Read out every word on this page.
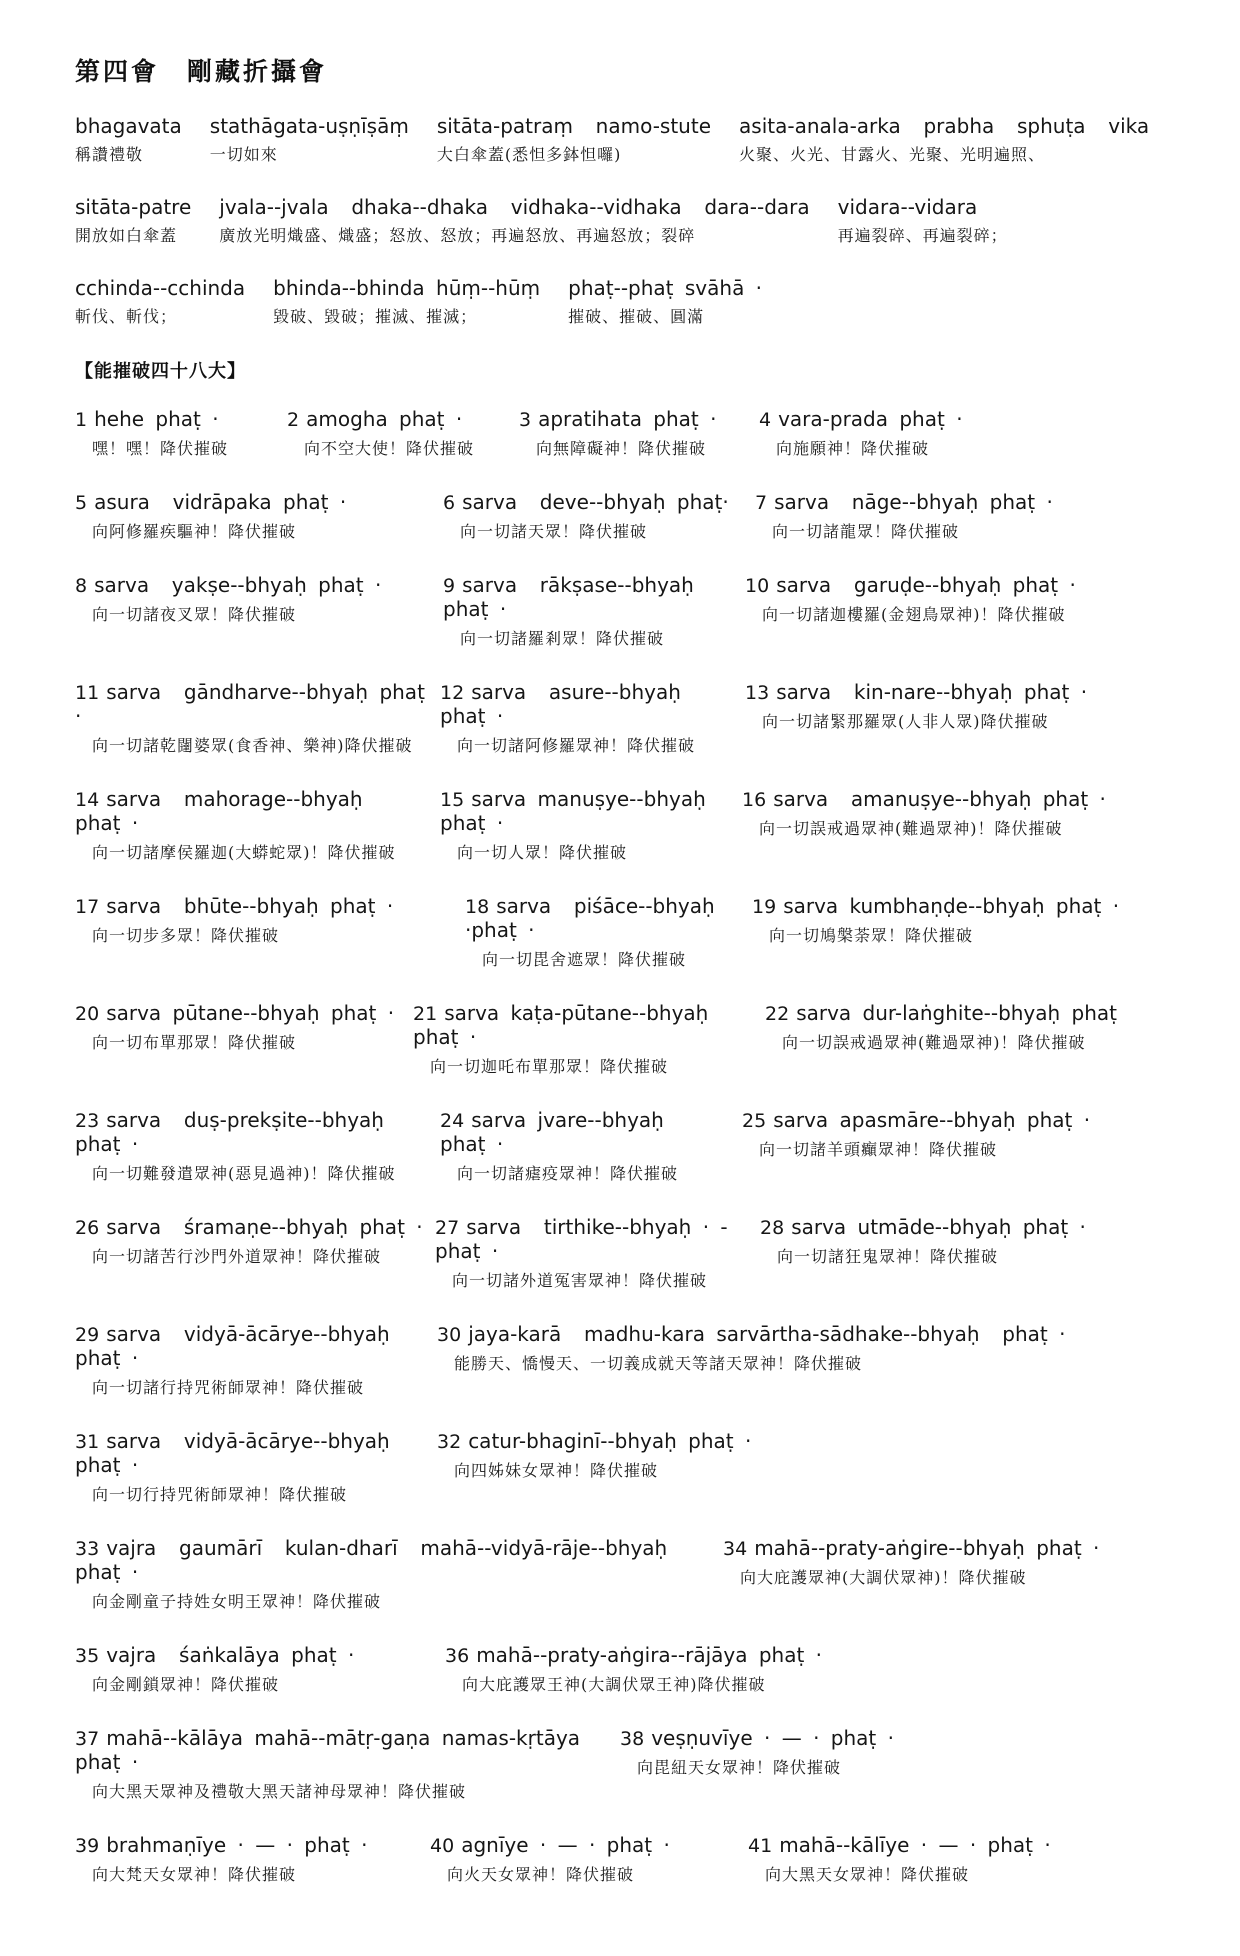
第四會　剛藏折攝會
bhagavata
稱讚禮敬
stathāgata-uṣṇīṣāṃ
一切如來
sitāta-patraṃ  namo-stute
大白傘蓋(悉怛多鉢怛囉)
asita-anala-arka  prabha  sphuṭa  vika
火聚、火光、甘露火、光聚、光明遍照、
sitāta-patre
開放如白傘蓋
jvala--jvala  dhaka--dhaka  vidhaka--vidhaka  dara--dara
廣放光明熾盛、熾盛；怒放、怒放；再遍怒放、再遍怒放；裂碎
vidara--vidara
再遍裂碎、再遍裂碎；
cchinda--cchinda
斬伐、斬伐；
bhinda--bhinda hūṃ--hūṃ
毀破、毀破；摧滅、摧滅；
phaṭ--phaṭ svāhā ·
摧破、摧破、圓滿
【能摧破四十八大】
1 hehe phaṭ ·
嘿！嘿！降伏摧破
2 amogha phaṭ ·
向不空大使！降伏摧破
3 apratihata phaṭ ·
向無障礙神！降伏摧破
4 vara-prada phaṭ ·
向施願神！降伏摧破
5 asura  vidrāpaka phaṭ ·
向阿修羅疾驅神！降伏摧破
6 sarva  deve--bhyaḥ phaṭ·
向一切諸天眾！降伏摧破
7 sarva  nāge--bhyaḥ phaṭ ·
向一切諸龍眾！降伏摧破
8 sarva  yakṣe--bhyaḥ phaṭ ·
向一切諸夜叉眾！降伏摧破
9 sarva  rākṣase--bhyaḥ phaṭ ·
向一切諸羅剎眾！降伏摧破
10 sarva  garuḍe--bhyaḥ phaṭ ·
向一切諸迦樓羅(金翅鳥眾神)！降伏摧破
11 sarva  gāndharve--bhyaḥ phaṭ ·
向一切諸乾闥婆眾(食香神、樂神)降伏摧破
12 sarva  asure--bhyaḥ phaṭ ·
向一切諸阿修羅眾神！降伏摧破
13 sarva  kin-nare--bhyaḥ phaṭ ·
向一切諸緊那羅眾(人非人眾)降伏摧破
14 sarva  mahorage--bhyaḥ  phaṭ ·
向一切諸摩侯羅迦(大蟒蛇眾)！降伏摧破
15 sarva manuṣye--bhyaḥ phaṭ ·
向一切人眾！降伏摧破
16 sarva  amanuṣye--bhyaḥ phaṭ ·
向一切誤戒過眾神(難過眾神)！降伏摧破
17 sarva  bhūte--bhyaḥ phaṭ ·
向一切步多眾！降伏摧破
18 sarva  piśāce--bhyaḥ ·phaṭ ·
向一切毘舍遮眾！降伏摧破
19 sarva kumbhaṇḍe--bhyaḥ phaṭ ·
向一切鳩槃荼眾！降伏摧破
20 sarva pūtane--bhyaḥ phaṭ ·
向一切布單那眾！降伏摧破
21 sarva kaṭa-pūtane--bhyaḥ phaṭ ·
向一切迦吒布單那眾！降伏摧破
22 sarva dur-laṅghite--bhyaḥ phaṭ
向一切誤戒過眾神(難過眾神)！降伏摧破
23 sarva  duṣ-prekṣite--bhyaḥ  phaṭ ·
向一切難發遣眾神(惡見過神)！降伏摧破
24 sarva jvare--bhyaḥ  phaṭ ·
向一切諸瘧疫眾神！降伏摧破
25 sarva apasmāre--bhyaḥ phaṭ ·
向一切諸羊頭癲眾神！降伏摧破
26 sarva  śramaṇe--bhyaḥ phaṭ ·
向一切諸苦行沙門外道眾神！降伏摧破
27 sarva  tirthike--bhyaḥ · -phaṭ ·
向一切諸外道冤害眾神！降伏摧破
28 sarva utmāde--bhyaḥ phaṭ ·
向一切諸狂鬼眾神！降伏摧破
29 sarva  vidyā-ācārye--bhyaḥ phaṭ ·
向一切諸行持咒術師眾神！降伏摧破
30 jaya-karā  madhu-kara sarvārtha-sādhake--bhyaḥ  phaṭ ·
能勝天、憍慢天、一切義成就天等諸天眾神！降伏摧破
31 sarva  vidyā-ācārye--bhyaḥ phaṭ ·
向一切行持咒術師眾神！降伏摧破
32 catur-bhaginī--bhyaḥ phaṭ ·
向四姊妹女眾神！降伏摧破
33 vajra  gaumārī  kulan-dharī  mahā--vidyā-rāje--bhyaḥ phaṭ ·
向金剛童子持姓女明王眾神！降伏摧破
34 mahā--praty-aṅgire--bhyaḥ phaṭ ·
向大庇護眾神(大調伏眾神)！降伏摧破
35 vajra  śaṅkalāya phaṭ ·
向金剛鎖眾神！降伏摧破
36 mahā--praty-aṅgira--rājāya phaṭ ·
向大庇護眾王神(大調伏眾王神)降伏摧破
37 mahā--kālāya mahā--mātṛ-gaṇa namas-kṛtāya phaṭ ·
向大黑天眾神及禮敬大黑天諸神母眾神！降伏摧破
38 veṣṇuvīye · — · phaṭ ·
向毘紐天女眾神！降伏摧破
39 brahmaṇīye · — · phaṭ ·
向大梵天女眾神！降伏摧破
40 agnīye · — · phaṭ ·
向火天女眾神！降伏摧破
41 mahā--kālīye · — · phaṭ ·
向大黑天女眾神！降伏摧破
